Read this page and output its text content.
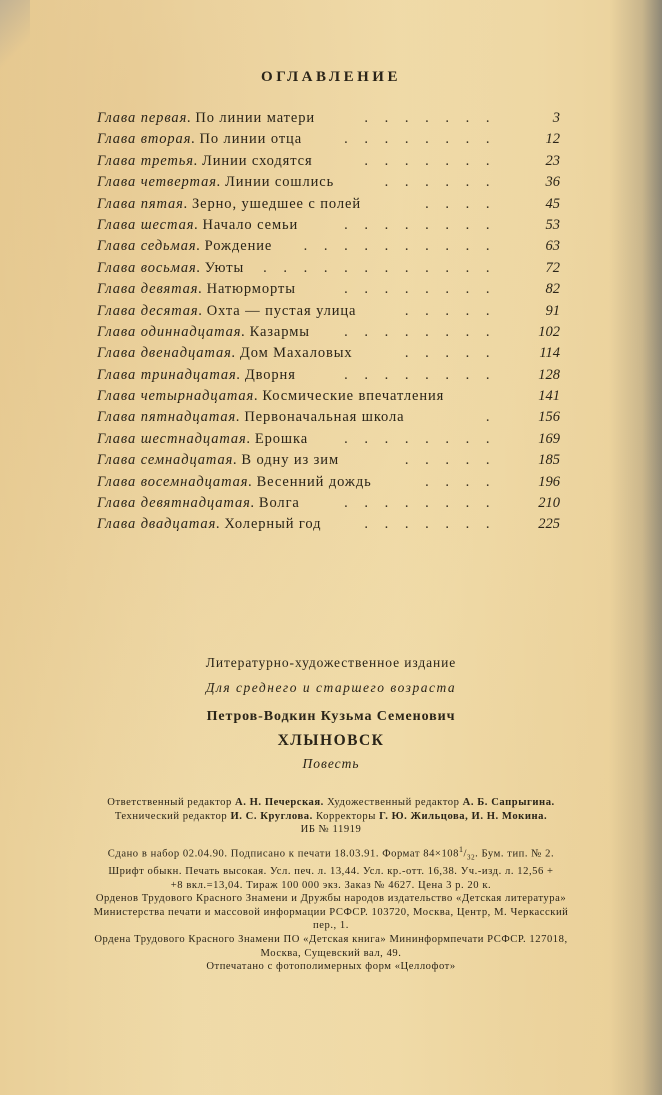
ОГЛАВЛЕНИЕ
Глава первая. По линии матери	. . . . . . .	3
Глава вторая. По линии отца	. . . . . . . .	12
Глава третья. Линии сходятся	. . . . . . .	23
Глава четвертая. Линии сошлись	. . . . . .	36
Глава пятая. Зерно, ушедшее с полей	. . . .	45
Глава шестая. Начало семьи	. . . . . . . .	53
Глава седьмая. Рождение . . . . . . . . . .	63
Глава восьмая. Уюты . . . . . . . . . . . .	72
Глава девятая. Натюрморты	. . . . . . . .	82
Глава десятая. Охта — пустая улица	. . . . .	91
Глава одиннадцатая. Казармы . . . . . . . .	102
Глава двенадцатая. Дом Махаловых	. . . . .	114
Глава тринадцатая. Дворня	. . . . . . . .	128
Глава четырнадцатая. Космические впечатления	141
Глава пятнадцатая. Первоначальная школа	.	156
Глава шестнадцатая. Ерошка . . . . . . . .	169
Глава семнадцатая. В одну из зим	. . . . .	185
Глава восемнадцатая. Весенний дождь	. . . .	196
Глава девятнадцатая. Волга	. . . . . . . .	210
Глава двадцатая. Холерный год	. . . . . . .	225
Литературно-художественное издание
Для среднего и старшего возраста
Петров-Водкин Кузьма Семенович
ХЛЫНОВСК
Повесть
Ответственный редактор А. Н. Печерская. Художественный редактор А. Б. Сапрыгина.
Технический редактор И. С. Круглова. Корректоры Г. Ю. Жильцова, И. Н. Мокина.
ИБ № 11919
Сдано в набор 02.04.90. Подписано к печати 18.03.91. Формат $84\times 108^1/_{32}$. Бум. тип. № 2.
Шрифт обыкн. Печать высокая. Усл. печ. л. 13,44. Усл. кр.-отт. 16,38. Уч.-изд. л. 12,56 +
+8 вкл.=13,04. Тираж 100 000 экз. Заказ № 4627. Цена 3 р. 20 к.
Орденов Трудового Красного Знамени и Дружбы народов издательство «Детская литература»
Министерства печати и массовой информации РСФСР. 103720, Москва, Центр, М. Черкасский
пер., 1.
Ордена Трудового Красного Знамени ПО «Детская книга» Мининформпечати РСФСР. 127018,
Москва, Сущевский вал, 49.
Отпечатано с фотополимерных форм «Целлофот»
